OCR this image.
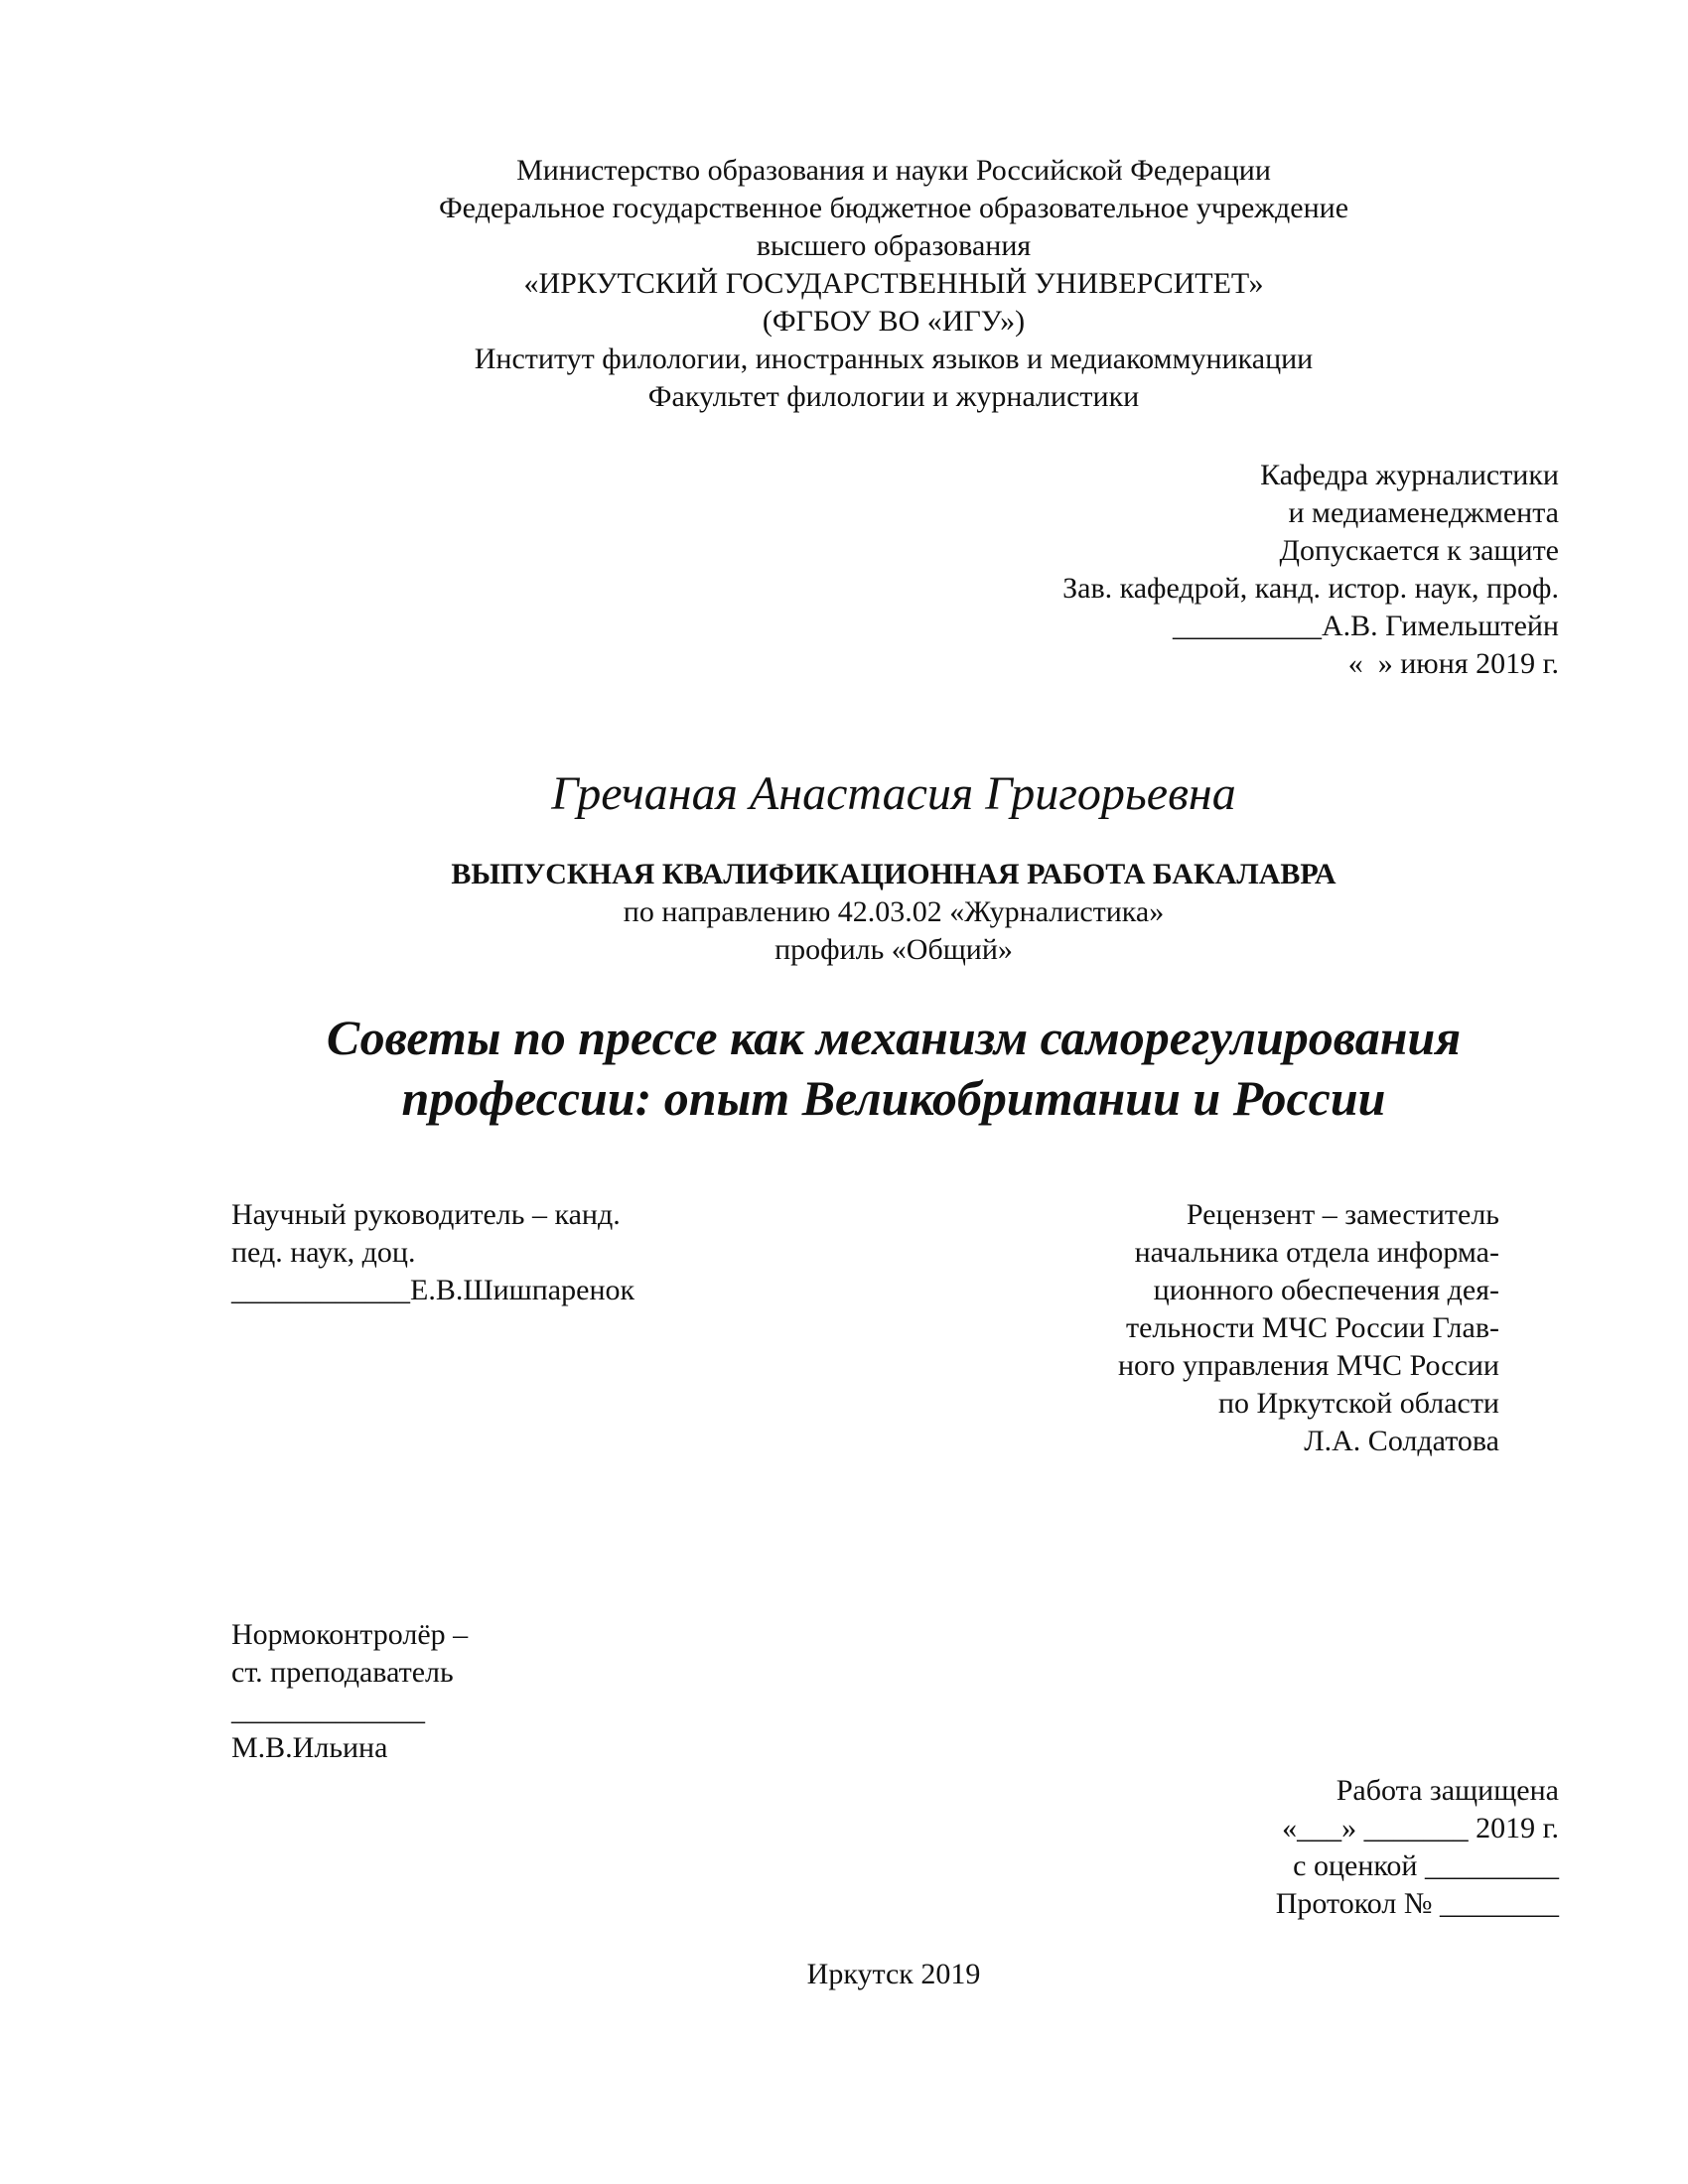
Министерство образования и науки Российской Федерации
Федеральное государственное бюджетное образовательное учреждение
высшего образования
«ИРКУТСКИЙ ГОСУДАРСТВЕННЫЙ УНИВЕРСИТЕТ»
(ФГБОУ ВО «ИГУ»)
Институт филологии, иностранных языков и медиакоммуникации
Факультет филологии и журналистики
Кафедра журналистики
и медиаменеджмента
Допускается к защите
Зав. кафедрой, канд. истор. наук, проф.
__________А.В. Гимельштейн
«  » июня 2019 г.
Гречаная Анастасия Григорьевна
ВЫПУСКНАЯ КВАЛИФИКАЦИОННАЯ РАБОТА БАКАЛАВРА
по направлению 42.03.02 «Журналистика»
профиль «Общий»
Советы по прессе как механизм саморегулирования
профессии: опыт Великобритании и России
Научный руководитель – канд.
пед. наук, доц.
____________Е.В.Шишпаренок
Рецензент – заместитель
начальника отдела информа-
ционного обеспечения дея-
тельности МЧС России Глав-
ного управления МЧС России
по Иркутской области
Л.А. Солдатова
Нормоконтролёр –
ст. преподаватель
_____________
М.В.Ильина
Работа защищена
«___» _______ 2019 г.
с оценкой _________
Протокол № ________
Иркутск 2019
